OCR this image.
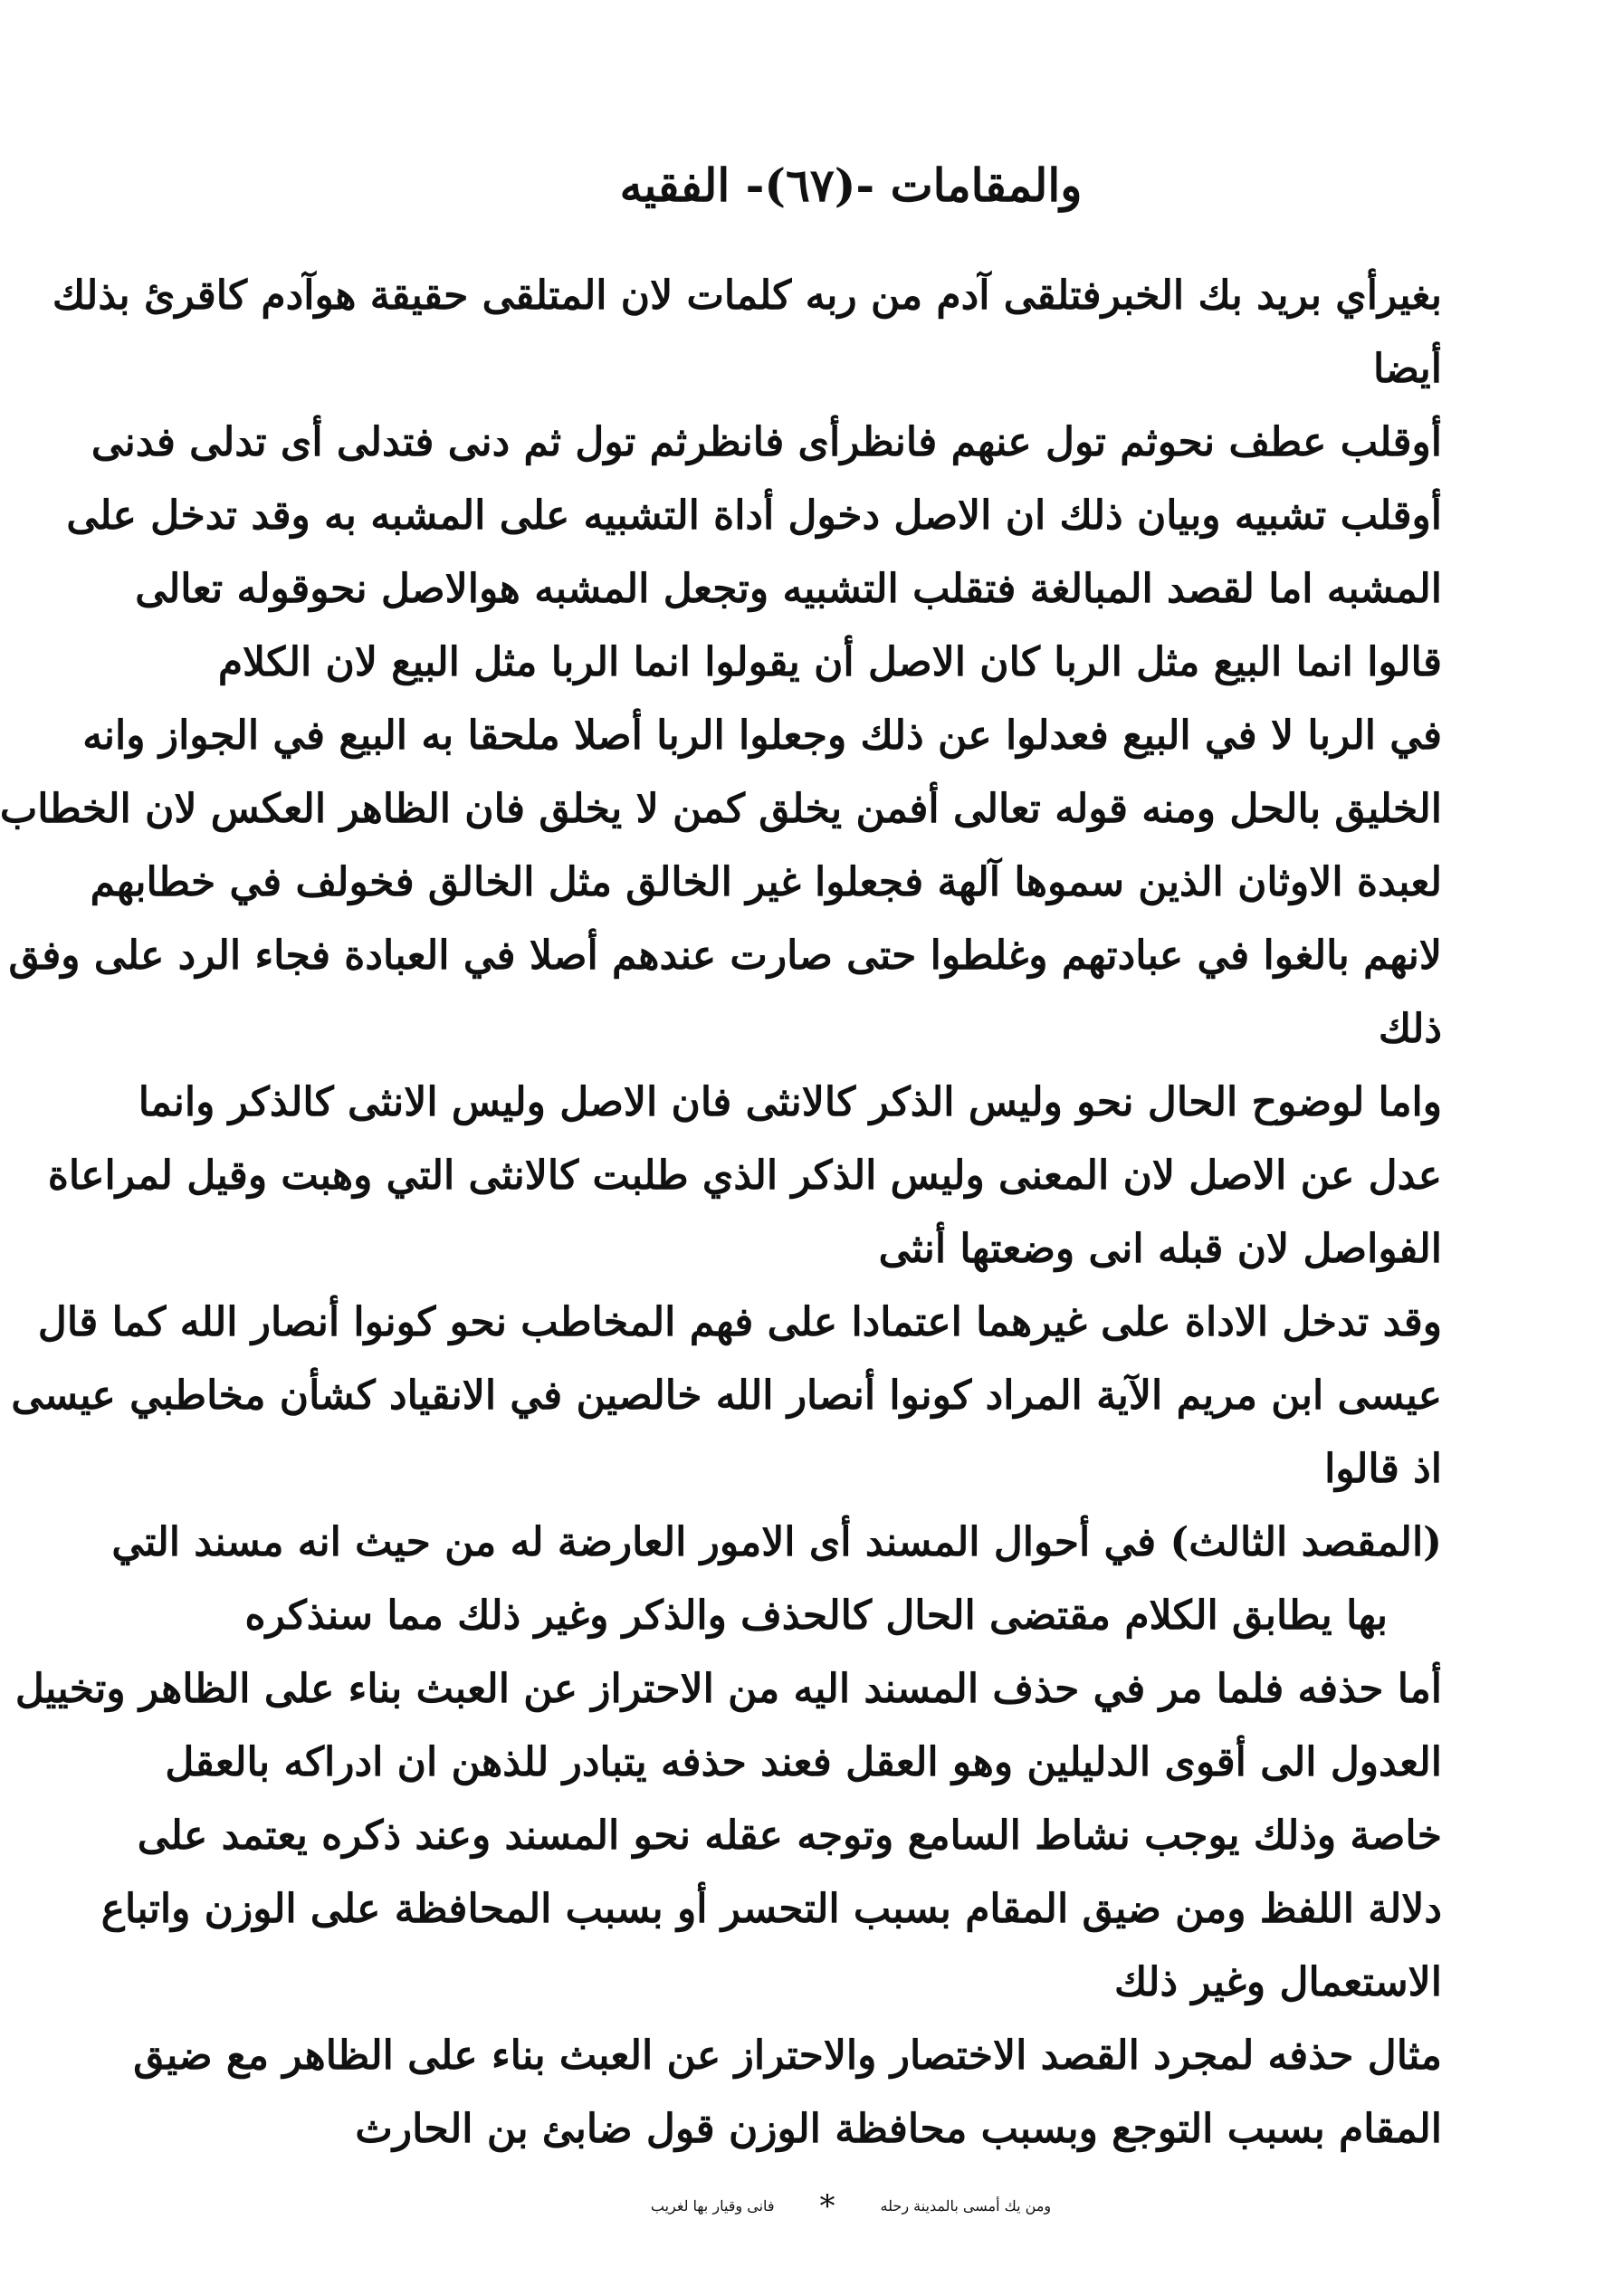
والمقامات -(٦٧)- الفقيه
بغيرأي بريد بك الخبرفتلقى آدم من ربه كلمات لان المتلقى حقيقة هوآدم كاقرئ بذلك
أيضا
أوقلب عطف نحوثم تول عنهم فانظرأى فانظرثم تول ثم دنى فتدلى أى تدلى فدنى
أوقلب تشبيه وبيان ذلك ان الاصل دخول أداة التشبيه على المشبه به وقد تدخل على
المشبه اما لقصد المبالغة فتقلب التشبيه وتجعل المشبه هوالاصل نحوقوله تعالى
قالوا انما البيع مثل الربا كان الاصل أن يقولوا انما الربا مثل البيع لان الكلام
في الربا لا في البيع فعدلوا عن ذلك وجعلوا الربا أصلا ملحقا به البيع في الجواز وانه
الخليق بالحل ومنه قوله تعالى أفمن يخلق كمن لا يخلق فان الظاهر العكس لان الخطاب
لعبدة الاوثان الذين سموها آلهة فجعلوا غير الخالق مثل الخالق فخولف في خطابهم
لانهم بالغوا في عبادتهم وغلطوا حتى صارت عندهم أصلا في العبادة فجاء الرد على وفق
ذلك
واما لوضوح الحال نحو وليس الذكر كالانثى فان الاصل وليس الانثى كالذكر وانما
عدل عن الاصل لان المعنى وليس الذكر الذي طلبت كالانثى التي وهبت وقيل لمراعاة
الفواصل لان قبله انى وضعتها أنثى
وقد تدخل الاداة على غيرهما اعتمادا على فهم المخاطب نحو كونوا أنصار الله كما قال
عيسى ابن مريم الآية المراد كونوا أنصار الله خالصين في الانقياد كشأن مخاطبي عيسى
اذ قالوا
(المقصد الثالث) في أحوال المسند أى الامور العارضة له من حيث انه مسند التي
بها يطابق الكلام مقتضى الحال كالحذف والذكر وغير ذلك مما سنذكره
أما حذفه فلما مر في حذف المسند اليه من الاحتراز عن العبث بناء على الظاهر وتخييل
العدول الى أقوى الدليلين وهو العقل فعند حذفه يتبادر للذهن ان ادراكه بالعقل
خاصة وذلك يوجب نشاط السامع وتوجه عقله نحو المسند وعند ذكره يعتمد على
دلالة اللفظ ومن ضيق المقام بسبب التحسر أو بسبب المحافظة على الوزن واتباع
الاستعمال وغير ذلك
مثال حذفه لمجرد القصد الاختصار والاحتراز عن العبث بناء على الظاهر مع ضيق
المقام بسبب التوجع وبسبب محافظة الوزن قول ضابئ بن الحارث
ومن يك أمسى بالمدينة رحله
*
فانى وقيار بها لغريب
